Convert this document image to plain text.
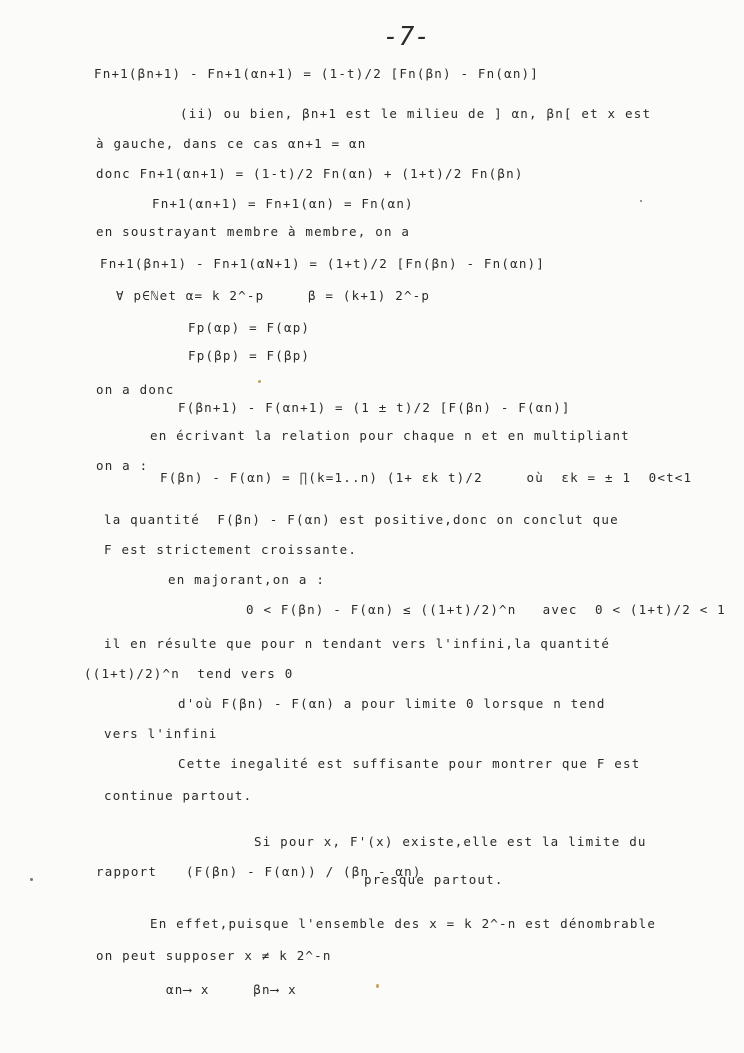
-7-
Fn+1(βn+1) - Fn+1(αn+1) = (1-t)/2 [Fn(βn) - Fn(αn)]
(ii) ou bien, βn+1 est le milieu de ] αn, βn[ et x est
à gauche, dans ce cas αn+1 = αn
donc Fn+1(αn+1) = (1-t)/2 Fn(αn) + (1+t)/2 Fn(βn)
Fn+1(αn+1) = Fn+1(αn) = Fn(αn)
en soustrayant membre à membre, on a
Fn+1(βn+1) - Fn+1(αN+1) = (1+t)/2 [Fn(βn) - Fn(αn)]
∀ p∈ℕet α= k 2^-p     β = (k+1) 2^-p
Fp(αp) = F(αp)
Fp(βp) = F(βp)
on a donc
F(βn+1) - F(αn+1) = (1 ± t)/2 [F(βn) - F(αn)]
en écrivant la relation pour chaque n et en multipliant
on a :
F(βn) - F(αn) = ∏(k=1..n) (1+ εk t)/2     où  εk = ± 1  0<t<1
la quantité  F(βn) - F(αn) est positive,donc on conclut que
F est strictement croissante.
en majorant,on a :
0 < F(βn) - F(αn) ≤ ((1+t)/2)^n   avec  0 < (1+t)/2 < 1
il en résulte que pour n tendant vers l'infini,la quantité
((1+t)/2)^n  tend vers 0
d'où F(βn) - F(αn) a pour limite 0 lorsque n tend
vers l'infini
Cette inegalité est suffisante pour montrer que F est
continue partout.
Si pour x, F'(x) existe,elle est la limite du
rapport (F(βn) - F(αn)) / (βn - αn)
presque partout.
En effet,puisque l'ensemble des x = k 2^-n est dénombrable
on peut supposer x ≠ k 2^-n
αn⟶ x     βn⟶ x
